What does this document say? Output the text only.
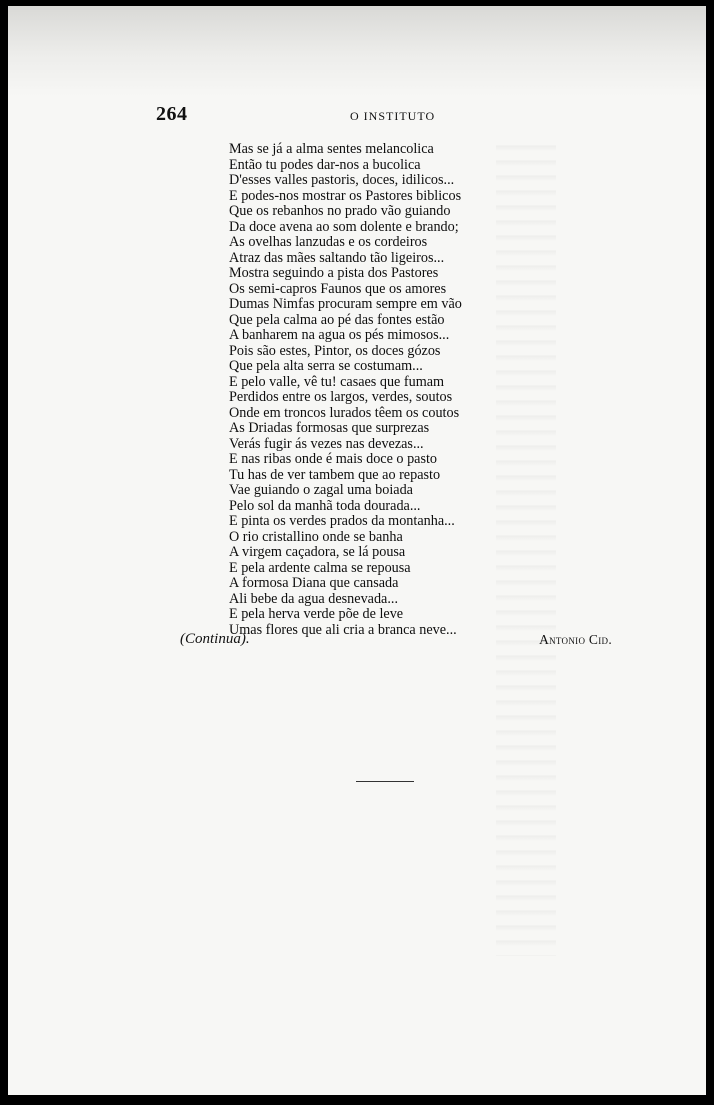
264	O INSTITUTO
Mas se já a alma sentes melancolica
Então tu podes dar-nos a bucolica
D'esses valles pastoris, doces, idilicos...
E podes-nos mostrar os Pastores biblicos
Que os rebanhos no prado vão guiando
Da doce avena ao som dolente e brando;
As ovelhas lanzudas e os cordeiros
Atraz das mães saltando tão ligeiros...
Mostra seguindo a pista dos Pastores
Os semi-capros Faunos que os amores
Dumas Nimfas procuram sempre em vão
Que pela calma ao pé das fontes estão
A banharem na agua os pés mimosos...
Pois são estes, Pintor, os doces gózos
Que pela alta serra se costumam...
E pelo valle, vê tu! casaes que fumam
Perdidos entre os largos, verdes, soutos
Onde em troncos lurados têem os coutos
As Driadas formosas que surprezas
Verás fugir ás vezes nas devezas...
E nas ribas onde é mais doce o pasto
Tu has de ver tambem que ao repasto
Vae guiando o zagal uma boiada
Pelo sol da manhã toda dourada...
E pinta os verdes prados da montanha...
O rio cristallino onde se banha
A virgem caçadora, se lá pousa
E pela ardente calma se repousa
A formosa Diana que cansada
Ali bebe da agua desnevada...
E pela herva verde põe de leve
Umas flores que ali cria a branca neve...
(Continua).	Antonio Cid.
